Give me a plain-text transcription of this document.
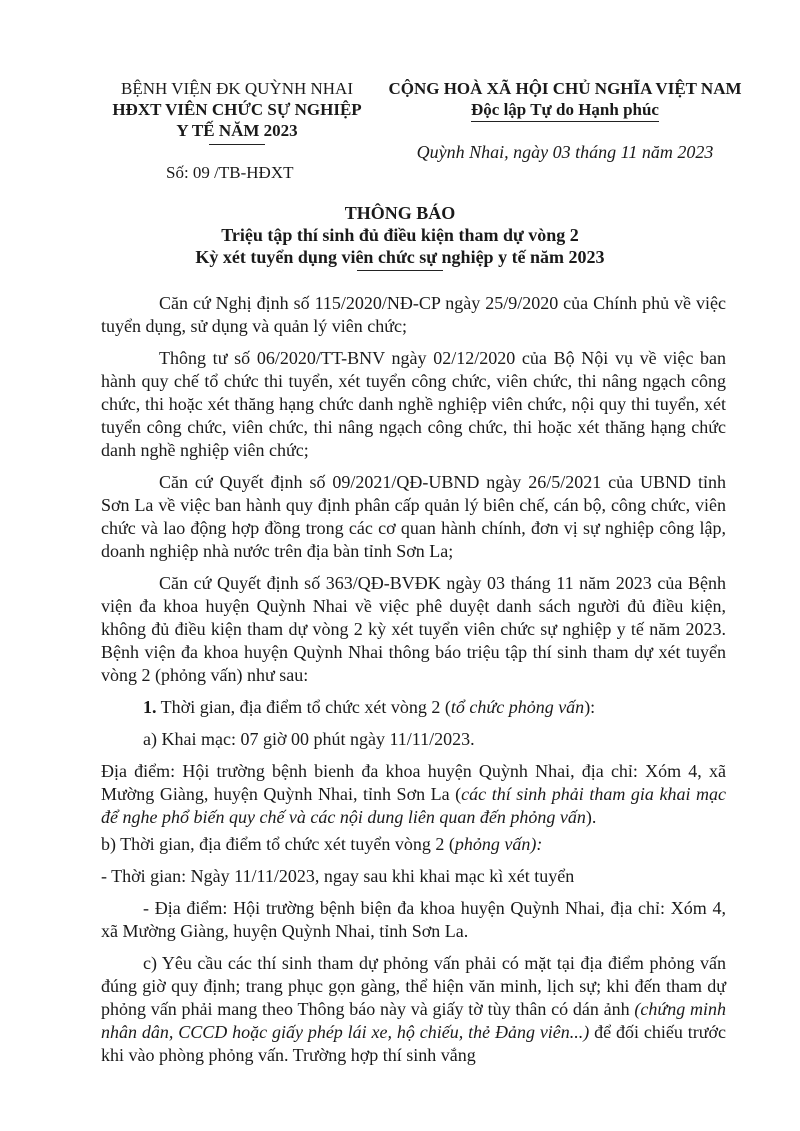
BỆNH VIỆN ĐK QUỲNH NHAI
HĐXT VIÊN CHỨC SỰ NGHIỆP
Y TẾ NĂM 2023
Số: 09 /TB-HĐXT
CỘNG HOÀ XÃ HỘI CHỦ NGHĨA VIỆT NAM
Độc lập Tự do Hạnh phúc
Quỳnh Nhai, ngày 03 tháng 11 năm 2023
THÔNG BÁO
Triệu tập thí sinh đủ điều kiện tham dự vòng 2
Kỳ xét tuyển dụng viên chức sự nghiệp y tế năm 2023

Căn cứ Nghị định số 115/2020/NĐ-CP ngày 25/9/2020 của Chính phủ về việc tuyển dụng, sử dụng và quản lý viên chức;

Thông tư số 06/2020/TT-BNV ngày 02/12/2020 của Bộ Nội vụ về việc ban hành quy chế tổ chức thi tuyển, xét tuyển công chức, viên chức, thi nâng ngạch công chức, thi hoặc xét thăng hạng chức danh nghề nghiệp viên chức, nội quy thi tuyển, xét tuyển công chức, viên chức, thi nâng ngạch công chức, thi hoặc xét thăng hạng chức danh nghề nghiệp viên chức;

Căn cứ Quyết định số 09/2021/QĐ-UBND ngày 26/5/2021 của UBND tỉnh Sơn La về việc ban hành quy định phân cấp quản lý biên chế, cán bộ, công chức, viên chức và lao động hợp đồng trong các cơ quan hành chính, đơn vị sự nghiệp công lập, doanh nghiệp nhà nước trên địa bàn tỉnh Sơn La;

Căn cứ Quyết định số 363/QĐ-BVĐK ngày 03 tháng 11 năm 2023 của Bệnh viện đa khoa huyện Quỳnh Nhai về việc phê duyệt danh sách người đủ điều kiện, không đủ điều kiện tham dự vòng 2 kỳ xét tuyển viên chức sự nghiệp y tế năm 2023. Bệnh viện đa khoa huyện Quỳnh Nhai thông báo triệu tập thí sinh tham dự xét tuyển vòng 2 (phỏng vấn) như sau:

1. Thời gian, địa điểm tổ chức xét vòng 2 (tổ chức phỏng vấn):

a) Khai mạc: 07 giờ 00 phút ngày 11/11/2023.

Địa điểm: Hội trường bệnh bienh đa khoa huyện Quỳnh Nhai, địa chỉ: Xóm 4, xã Mường Giàng, huyện Quỳnh Nhai, tỉnh Sơn La (các thí sinh phải tham gia khai mạc để nghe phổ biến quy chế và các nội dung liên quan đến phỏng vấn).

b) Thời gian, địa điểm tổ chức xét tuyển vòng 2 (phỏng vấn):

- Thời gian: Ngày 11/11/2023, ngay sau khi khai mạc kì xét tuyển

- Địa điểm: Hội trường bệnh biện đa khoa huyện Quỳnh Nhai, địa chỉ: Xóm 4, xã Mường Giàng, huyện Quỳnh Nhai, tỉnh Sơn La.

c) Yêu cầu các thí sinh tham dự phỏng vấn phải có mặt tại địa điểm phỏng vấn đúng giờ quy định; trang phục gọn gàng, thể hiện văn minh, lịch sự; khi đến tham dự phỏng vấn phải mang theo Thông báo này và giấy tờ tùy thân có dán ảnh (chứng minh nhân dân, CCCD hoặc giấy phép lái xe, hộ chiếu, thẻ Đảng viên...) để đối chiếu trước khi vào phòng phỏng vấn. Trường hợp thí sinh vắng
